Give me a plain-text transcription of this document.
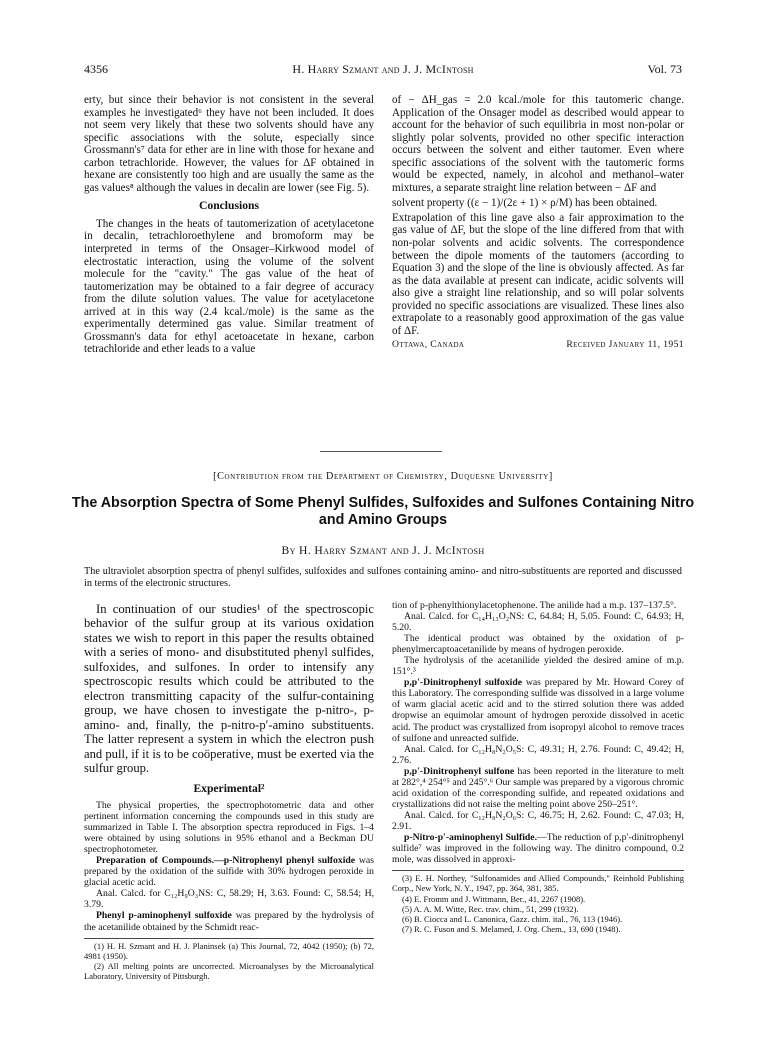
4356	H. Harry Szmant and J. J. McIntosh	Vol. 73

erty, but since their behavior is not consistent in the several examples he investigated⁶ they have not been included. It does not seem very likely that these two solvents should have any specific associations with the solute, especially since Grossmann's⁷ data for ether are in line with those for hexane and carbon tetrachloride. However, the values for ΔF obtained in hexane are consistently too high and are usually the same as the gas values⁸ although the values in decalin are lower (see Fig. 5).

Conclusions

The changes in the heats of tautomerization of acetylacetone in decalin, tetrachloroethylene and bromoform may be interpreted in terms of the Onsager–Kirkwood model of electrostatic interaction, using the volume of the solvent molecule for the "cavity." The gas value of the heat of tautomerization may be obtained to a fair degree of accuracy from the dilute solution values. The value for acetylacetone arrived at in this way (2.4 kcal./mole) is the same as the experimentally determined gas value. Similar treatment of Grossmann's data for ethyl acetoacetate in hexane, carbon tetrachloride and ether leads to a value

of − ΔH_gas = 2.0 kcal./mole for this tautomeric change. Application of the Onsager model as described would appear to account for the behavior of such equilibria in most non-polar or slightly polar solvents, provided no other specific interaction occurs between the solvent and either tautomer. Even where specific associations of the solvent with the tautomeric forms would be expected, namely, in alcohol and methanol–water mixtures, a separate straight line relation between − ΔF and

solvent property ((ε − 1)/(2ε + 1) × ρ/M) has been obtained.

Extrapolation of this line gave also a fair approximation to the gas value of ΔF, but the slope of the line differed from that with non-polar solvents and acidic solvents. The correspondence between the dipole moments of the tautomers (according to Equation 3) and the slope of the line is obviously affected. As far as the data available at present can indicate, acidic solvents will also give a straight line relationship, and so will polar solvents provided no specific associations are visualized. These lines also extrapolate to a reasonably good approximation of the gas value of ΔF.

Ottawa, Canada	Received January 11, 1951
[Contribution from the Department of Chemistry, Duquesne University]
The Absorption Spectra of Some Phenyl Sulfides, Sulfoxides and Sulfones Containing Nitro and Amino Groups
By H. Harry Szmant and J. J. McIntosh
The ultraviolet absorption spectra of phenyl sulfides, sulfoxides and sulfones containing amino- and nitro-substituents are reported and discussed in terms of the electronic structures.

In continuation of our studies¹ of the spectroscopic behavior of the sulfur group at its various oxidation states we wish to report in this paper the results obtained with a series of mono- and disubstituted phenyl sulfides, sulfoxides, and sulfones. In order to intensify any spectroscopic results which could be attributed to the electron transmitting capacity of the sulfur-containing group, we have chosen to investigate the p-nitro-, p-amino- and, finally, the p-nitro-p′-amino substituents. The latter represent a system in which the electron push and pull, if it is to be coöperative, must be exerted via the sulfur group.

Experimental²

The physical properties, the spectrophotometric data and other pertinent information concerning the compounds used in this study are summarized in Table I. The absorption spectra reproduced in Figs. 1–4 were obtained by using solutions in 95% ethanol and a Beckman DU spectrophotometer.

Preparation of Compounds.—p-Nitrophenyl phenyl sulfoxide was prepared by the oxidation of the sulfide with 30% hydrogen peroxide in glacial acetic acid.

Anal. Calcd. for C₁₂H₉O₃NS: C, 58.29; H, 3.63. Found: C, 58.54; H, 3.79.

Phenyl p-aminophenyl sulfoxide was prepared by the hydrolysis of the acetanilide obtained by the Schmidt reac-

(1) H. H. Szmant and H. J. Planinsek (a) This Journal, 72, 4042 (1950); (b) 72, 4981 (1950).

(2) All melting points are uncorrected. Microanalyses by the Microanalytical Laboratory, University of Pittsburgh.

tion of p-phenylthionylacetophenone. The anilide had a m.p. 137–137.5°.

Anal. Calcd. for C₁₄H₁₃O₂NS: C, 64.84; H, 5.05. Found: C, 64.93; H, 5.20.

The identical product was obtained by the oxidation of p-phenylmercaptoacetanilide by means of hydrogen peroxide.

The hydrolysis of the acetanilide yielded the desired amine of m.p. 151°.³

p,p′-Dinitrophenyl sulfoxide was prepared by Mr. Howard Corey of this Laboratory. The corresponding sulfide was dissolved in a large volume of warm glacial acetic acid and to the stirred solution there was added dropwise an equimolar amount of hydrogen peroxide dissolved in acetic acid. The product was crystallized from isopropyl alcohol to remove traces of sulfone and unreacted sulfide.

Anal. Calcd. for C₁₂H₈N₂O₅S: C, 49.31; H, 2.76. Found: C, 49.42; H, 2.76.

p,p′-Dinitrophenyl sulfone has been reported in the literature to melt at 282°,⁴ 254°⁵ and 245°.⁶ Our sample was prepared by a vigorous chromic acid oxidation of the corresponding sulfide, and repeated oxidations and crystallizations did not raise the melting point above 250–251°.

Anal. Calcd. for C₁₂H₈N₂O₆S: C, 46.75; H, 2.62. Found: C, 47.03; H, 2.91.

p-Nitro-p′-aminophenyl Sulfide.—The reduction of p,p′-dinitrophenyl sulfide⁷ was improved in the following way. The dinitro compound, 0.2 mole, was dissolved in approxi-

(3) E. H. Northey, "Sulfonamides and Allied Compounds," Reinhold Publishing Corp., New York, N. Y., 1947, pp. 364, 381, 385.

(4) E. Fromm and J. Wittmann, Ber., 41, 2267 (1908).

(5) A. A. M. Witte, Rec. trav. chim., 51, 299 (1932).

(6) B. Ciocca and L. Canonica, Gazz. chim. ital., 76, 113 (1946).

(7) R. C. Fuson and S. Melamed, J. Org. Chem., 13, 690 (1948).
